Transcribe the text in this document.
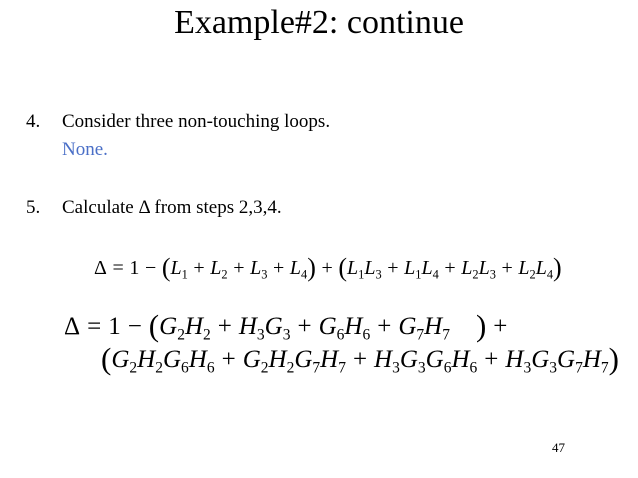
Example#2: continue
4. Consider three non-touching loops.
None.
5. Calculate Δ from steps 2,3,4.
$\Delta = 1 - (L_1 + L_2 + L_3 + L_4) + (L_1L_3 + L_1L_4 + L_2L_3 + L_2L_4)$
$\Delta = 1 - (G_2H_2 + H_3G_3 + G_6H_6 + G_7H_7$ ) +
$(G_2H_2G_6H_6 + G_2H_2G_7H_7 + H_3G_3G_6H_6 + H_3G_3G_7H_7)$
47
